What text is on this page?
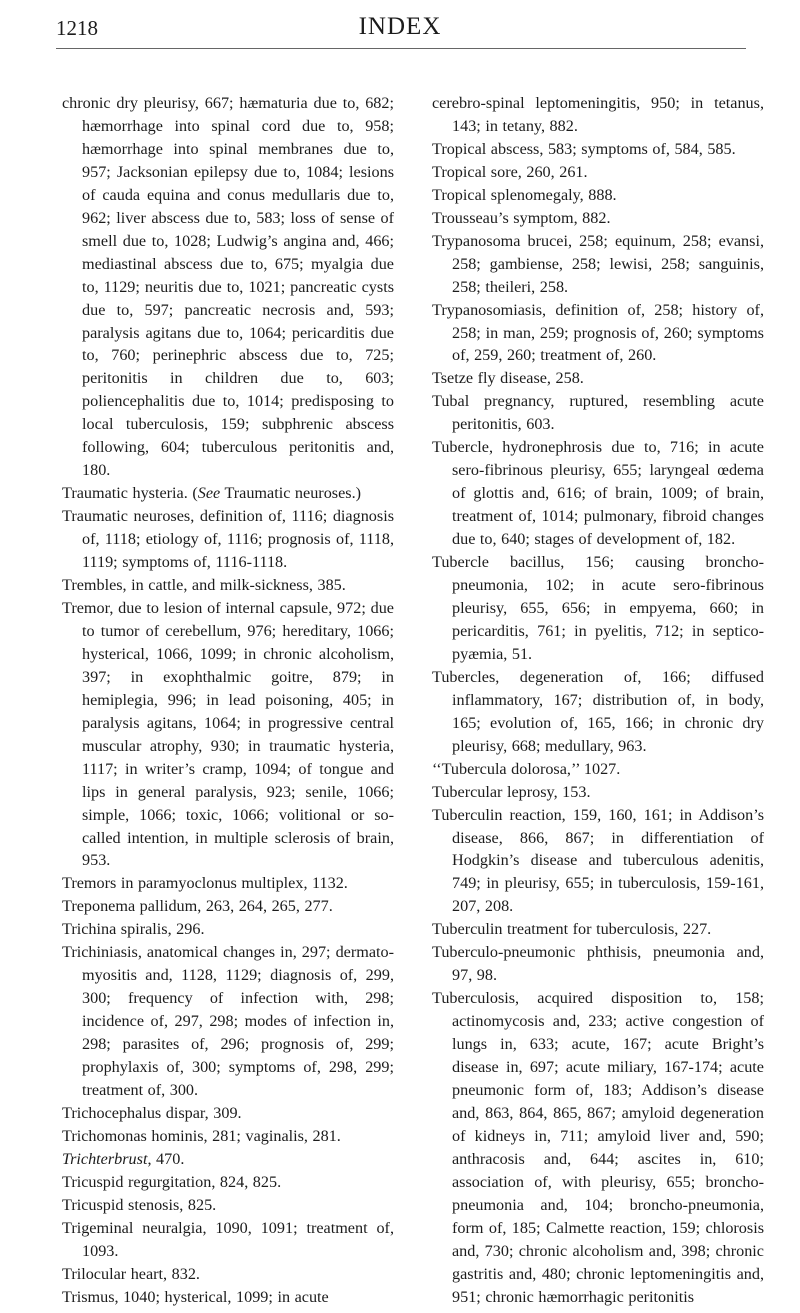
1218	INDEX

chronic dry pleurisy, 667; hæmaturia due to, 682; hæmorrhage into spinal cord due to, 958; hæmorrhage into spinal membranes due to, 957; Jacksonian epilepsy due to, 1084; lesions of cauda equina and conus medullaris due to, 962; liver abscess due to, 583; loss of sense of smell due to, 1028; Ludwig’s angina and, 466; mediastinal abscess due to, 675; myalgia due to, 1129; neuritis due to, 1021; pancreatic cysts due to, 597; pancreatic necrosis and, 593; paralysis agitans due to, 1064; pericarditis due to, 760; perinephric abscess due to, 725; peritonitis in children due to, 603; poliencephalitis due to, 1014; predisposing to local tuberculosis, 159; subphrenic abscess following, 604; tuberculous peritonitis and, 180.

Traumatic hysteria. (See Traumatic neuroses.)

Traumatic neuroses, definition of, 1116; diagnosis of, 1118; etiology of, 1116; prognosis of, 1118, 1119; symptoms of, 1116-1118.

Trembles, in cattle, and milk-sickness, 385.

Tremor, due to lesion of internal capsule, 972; due to tumor of cerebellum, 976; hereditary, 1066; hysterical, 1066, 1099; in chronic alcoholism, 397; in exophthalmic goitre, 879; in hemiplegia, 996; in lead poisoning, 405; in paralysis agitans, 1064; in progressive central muscular atrophy, 930; in traumatic hysteria, 1117; in writer’s cramp, 1094; of tongue and lips in general paralysis, 923; senile, 1066; simple, 1066; toxic, 1066; volitional or so-called intention, in multiple sclerosis of brain, 953.

Tremors in paramyoclonus multiplex, 1132.

Treponema pallidum, 263, 264, 265, 277.

Trichina spiralis, 296.

Trichiniasis, anatomical changes in, 297; dermato-myositis and, 1128, 1129; diagnosis of, 299, 300; frequency of infection with, 298; incidence of, 297, 298; modes of infection in, 298; parasites of, 296; prognosis of, 299; prophylaxis of, 300; symptoms of, 298, 299; treatment of, 300.

Trichocephalus dispar, 309.

Trichomonas hominis, 281; vaginalis, 281.

Trichterbrust, 470.

Tricuspid regurgitation, 824, 825.

Tricuspid stenosis, 825.

Trigeminal neuralgia, 1090, 1091; treatment of, 1093.

Trilocular heart, 832.

Trismus, 1040; hysterical, 1099; in acute

cerebro-spinal leptomeningitis, 950; in tetanus, 143; in tetany, 882.

Tropical abscess, 583; symptoms of, 584, 585.

Tropical sore, 260, 261.

Tropical splenomegaly, 888.

Trousseau’s symptom, 882.

Trypanosoma brucei, 258; equinum, 258; evansi, 258; gambiense, 258; lewisi, 258; sanguinis, 258; theileri, 258.

Trypanosomiasis, definition of, 258; history of, 258; in man, 259; prognosis of, 260; symptoms of, 259, 260; treatment of, 260.

Tsetze fly disease, 258.

Tubal pregnancy, ruptured, resembling acute peritonitis, 603.

Tubercle, hydronephrosis due to, 716; in acute sero-fibrinous pleurisy, 655; laryngeal œdema of glottis and, 616; of brain, 1009; of brain, treatment of, 1014; pulmonary, fibroid changes due to, 640; stages of development of, 182.

Tubercle bacillus, 156; causing broncho-pneumonia, 102; in acute sero-fibrinous pleurisy, 655, 656; in empyema, 660; in pericarditis, 761; in pyelitis, 712; in septico-pyæmia, 51.

Tubercles, degeneration of, 166; diffused inflammatory, 167; distribution of, in body, 165; evolution of, 165, 166; in chronic dry pleurisy, 668; medullary, 963.

‘‘Tubercula dolorosa,’’ 1027.

Tubercular leprosy, 153.

Tuberculin reaction, 159, 160, 161; in Addison’s disease, 866, 867; in differentiation of Hodgkin’s disease and tuberculous adenitis, 749; in pleurisy, 655; in tuberculosis, 159-161, 207, 208.

Tuberculin treatment for tuberculosis, 227.

Tuberculo-pneumonic phthisis, pneumonia and, 97, 98.

Tuberculosis, acquired disposition to, 158; actinomycosis and, 233; active congestion of lungs in, 633; acute, 167; acute Bright’s disease in, 697; acute miliary, 167-174; acute pneumonic form of, 183; Addison’s disease and, 863, 864, 865, 867; amyloid degeneration of kidneys in, 711; amyloid liver and, 590; anthracosis and, 644; ascites in, 610; association of, with pleurisy, 655; broncho-pneumonia and, 104; broncho-pneumonia, form of, 185; Calmette reaction, 159; chlorosis and, 730; chronic alcoholism and, 398; chronic gastritis and, 480; chronic leptomeningitis and, 951; chronic hæmorrhagic peritonitis
